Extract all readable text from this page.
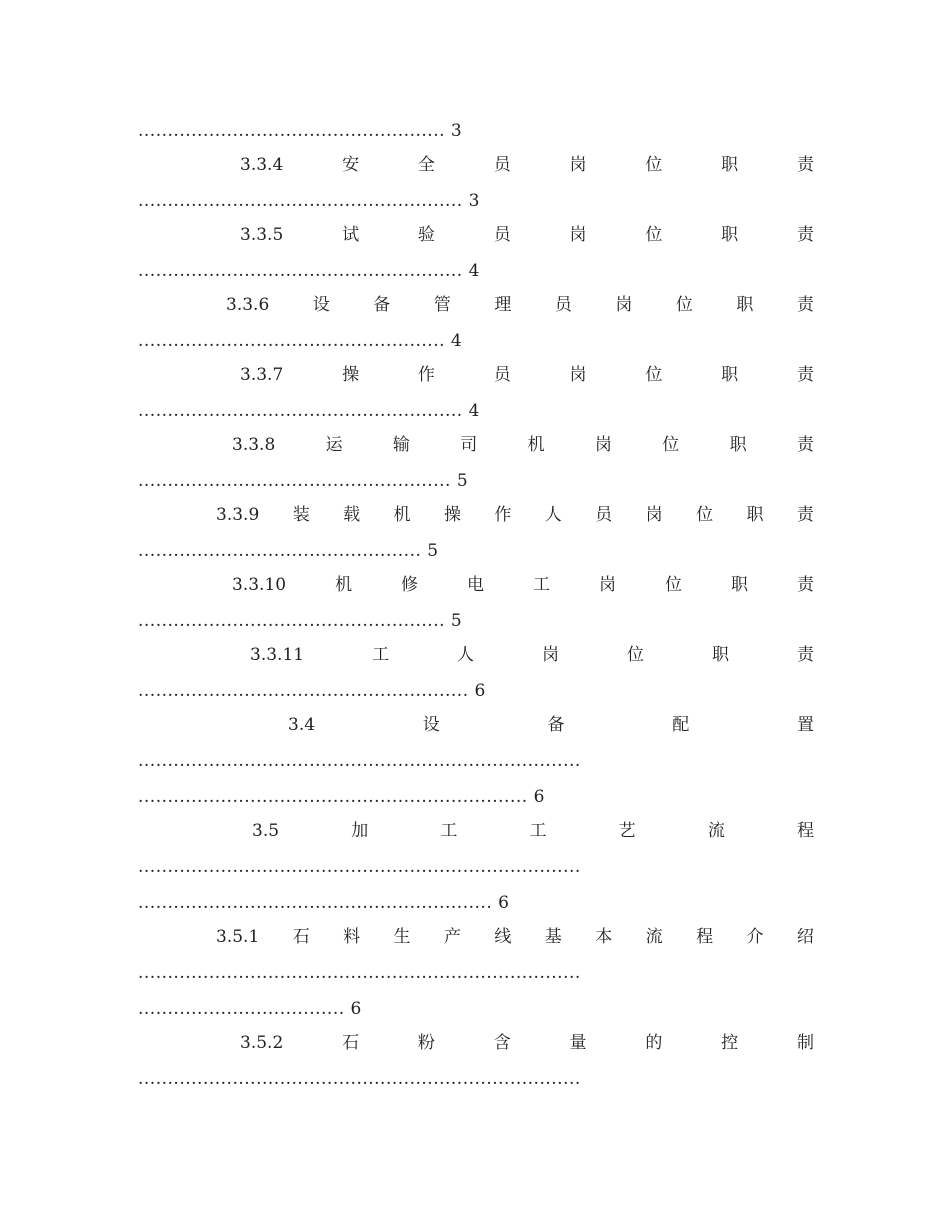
.................................................... 3
3.3.4	安	全	员	岗	位	职	责
....................................................... 3
3.3.5	试	验	员	岗	位	职	责
....................................................... 4
3.3.6	设	备	管	理	员	岗	位	职	责
.................................................... 4
3.3.7	操	作	员	岗	位	职	责
....................................................... 4
3.3.8	运	输	司	机	岗	位	职	责
..................................................... 5
3.3.9 装 载 机 操 作 人 员 岗 位 职 责
................................................ 5
3.3.10	机	修	电	工	岗	位	职	责
.................................................... 5
3.3.11	工	人	岗	位	职	责
........................................................ 6
3.4	设	备	配	置
...........................................................................
.................................................................. 6
3.5	加	工	工	艺	流	程
...........................................................................
............................................................ 6
3.5.1 石 料 生 产 线 基 本 流 程 介 绍
...........................................................................
................................... 6
3.5.2	石	粉	含	量	的	控	制
...........................................................................
